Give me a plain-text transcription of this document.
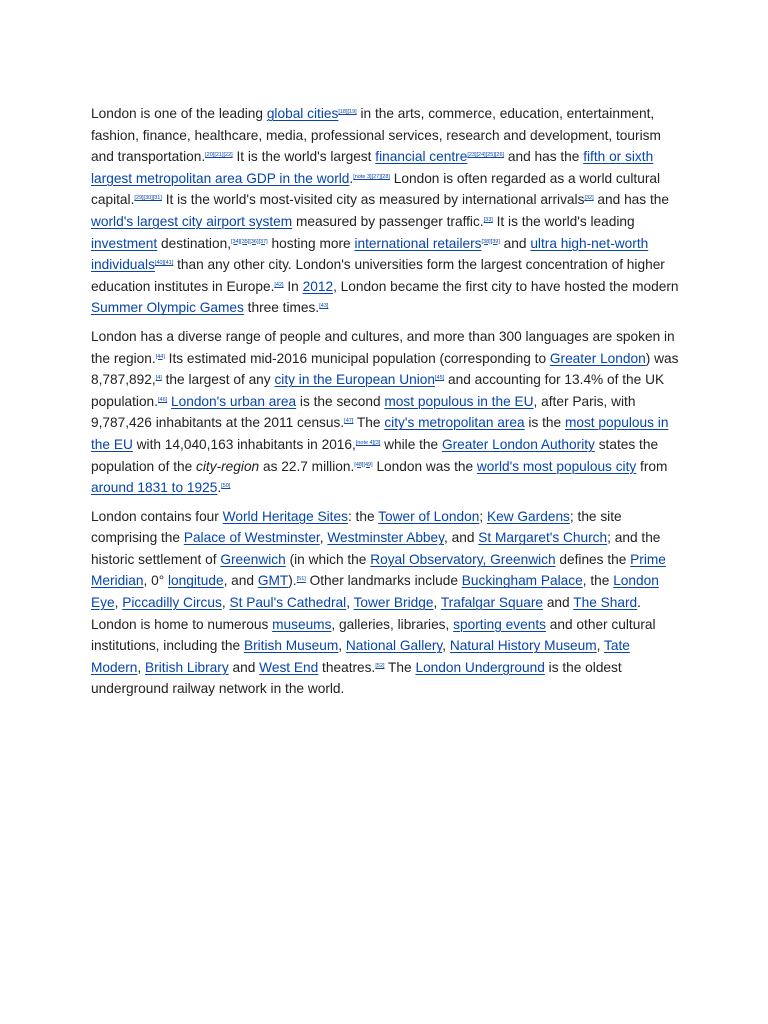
London is one of the leading global cities[18][19] in the arts, commerce, education, entertainment, fashion, finance, healthcare, media, professional services, research and development, tourism and transportation.[20][21][22] It is the world's largest financial centre[23][24][25][26] and has the fifth or sixth largest metropolitan area GDP in the world.[note 3][27][28] London is often regarded as a world cultural capital.[29][30][31] It is the world's most-visited city as measured by international arrivals[32] and has the world's largest city airport system measured by passenger traffic.[33] It is the world's leading investment destination,[34][35][36][37] hosting more international retailers[38][39] and ultra high-net-worth individuals[40][41] than any other city. London's universities form the largest concentration of higher education institutes in Europe.[42] In 2012, London became the first city to have hosted the modern Summer Olympic Games three times.[43]

London has a diverse range of people and cultures, and more than 300 languages are spoken in the region.[44] Its estimated mid-2016 municipal population (corresponding to Greater London) was 8,787,892,[4] the largest of any city in the European Union[45] and accounting for 13.4% of the UK population.[46] London's urban area is the second most populous in the EU, after Paris, with 9,787,426 inhabitants at the 2011 census.[47] The city's metropolitan area is the most populous in the EU with 14,040,163 inhabitants in 2016,[note 4][3] while the Greater London Authority states the population of the city-region as 22.7 million.[48][49] London was the world's most populous city from around 1831 to 1925.[50]

London contains four World Heritage Sites: the Tower of London; Kew Gardens; the site comprising the Palace of Westminster, Westminster Abbey, and St Margaret's Church; and the historic settlement of Greenwich (in which the Royal Observatory, Greenwich defines the Prime Meridian, 0° longitude, and GMT).[51] Other landmarks include Buckingham Palace, the London Eye, Piccadilly Circus, St Paul's Cathedral, Tower Bridge, Trafalgar Square and The Shard. London is home to numerous museums, galleries, libraries, sporting events and other cultural institutions, including the British Museum, National Gallery, Natural History Museum, Tate Modern, British Library and West End theatres.[52] The London Underground is the oldest underground railway network in the world.
